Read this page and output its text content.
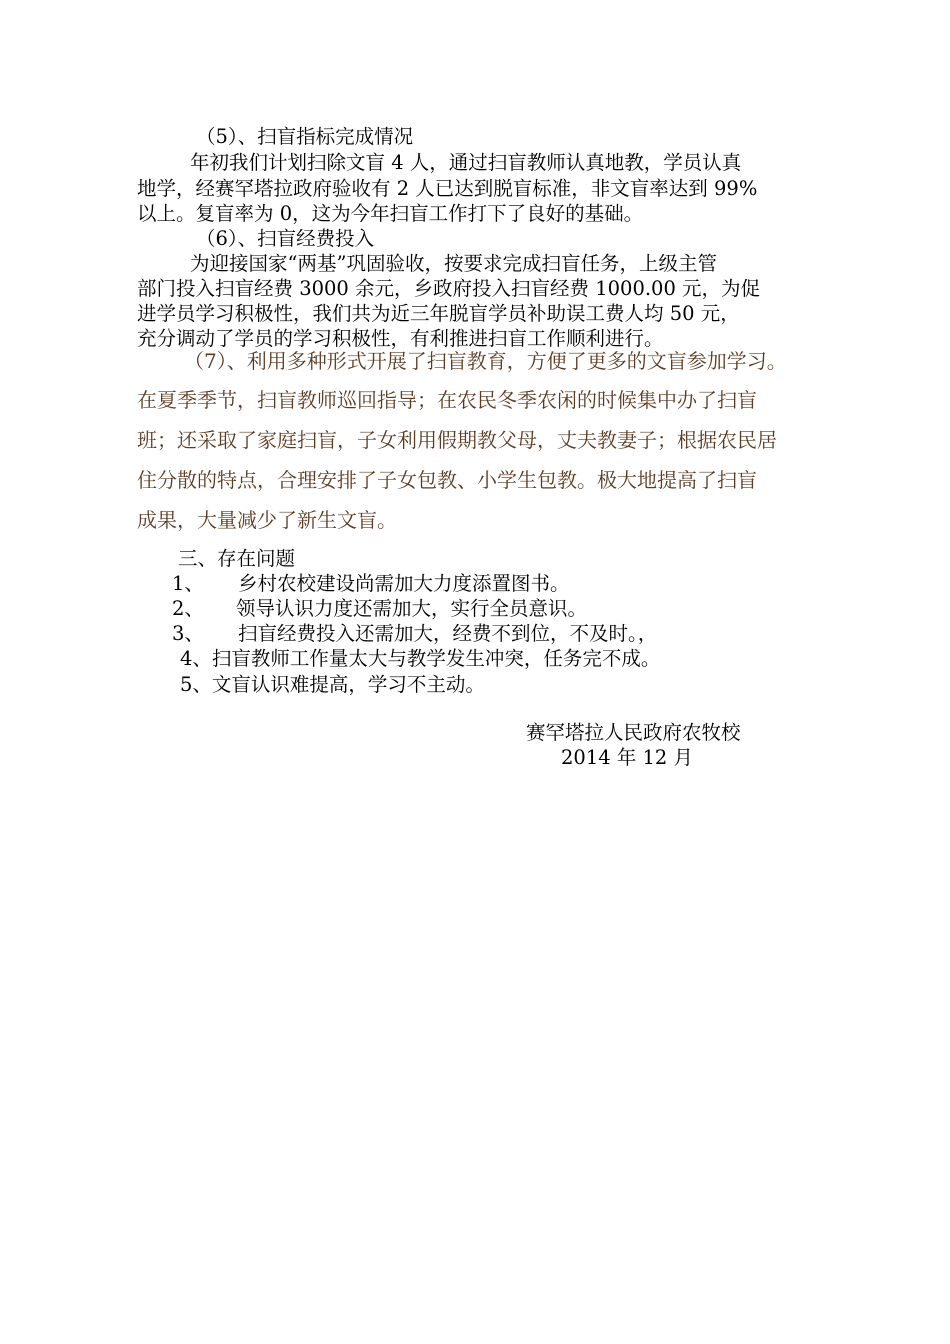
（5）、扫盲指标完成情况
年初我们计划扫除文盲 4 人，通过扫盲教师认真地教，学员认真
地学，经赛罕塔拉政府验收有 2 人已达到脱盲标准，非文盲率达到 99%
以上。复盲率为 0，这为今年扫盲工作打下了良好的基础。
（6）、扫盲经费投入
为迎接国家“两基”巩固验收，按要求完成扫盲任务，上级主管
部门投入扫盲经费 3000 余元，乡政府投入扫盲经费 1000.00 元，为促
进学员学习积极性，我们共为近三年脱盲学员补助误工费人均 50 元，
充分调动了学员的学习积极性，有利推进扫盲工作顺利进行。
（7）、利用多种形式开展了扫盲教育，方便了更多的文盲参加学习。
在夏季季节，扫盲教师巡回指导；在农民冬季农闲的时候集中办了扫盲
班；还采取了家庭扫盲，子女利用假期教父母，丈夫教妻子；根据农民居
住分散的特点，合理安排了子女包教、小学生包教。极大地提高了扫盲
成果，大量减少了新生文盲。
三、存在问题
1、 乡村农校建设尚需加大力度添置图书。
2、 领导认识力度还需加大，实行全员意识。
3、 扫盲经费投入还需加大，经费不到位，不及时。，
4、扫盲教师工作量太大与教学发生冲突，任务完不成。
5、文盲认识难提高，学习不主动。
赛罕塔拉人民政府农牧校
2014 年 12 月
